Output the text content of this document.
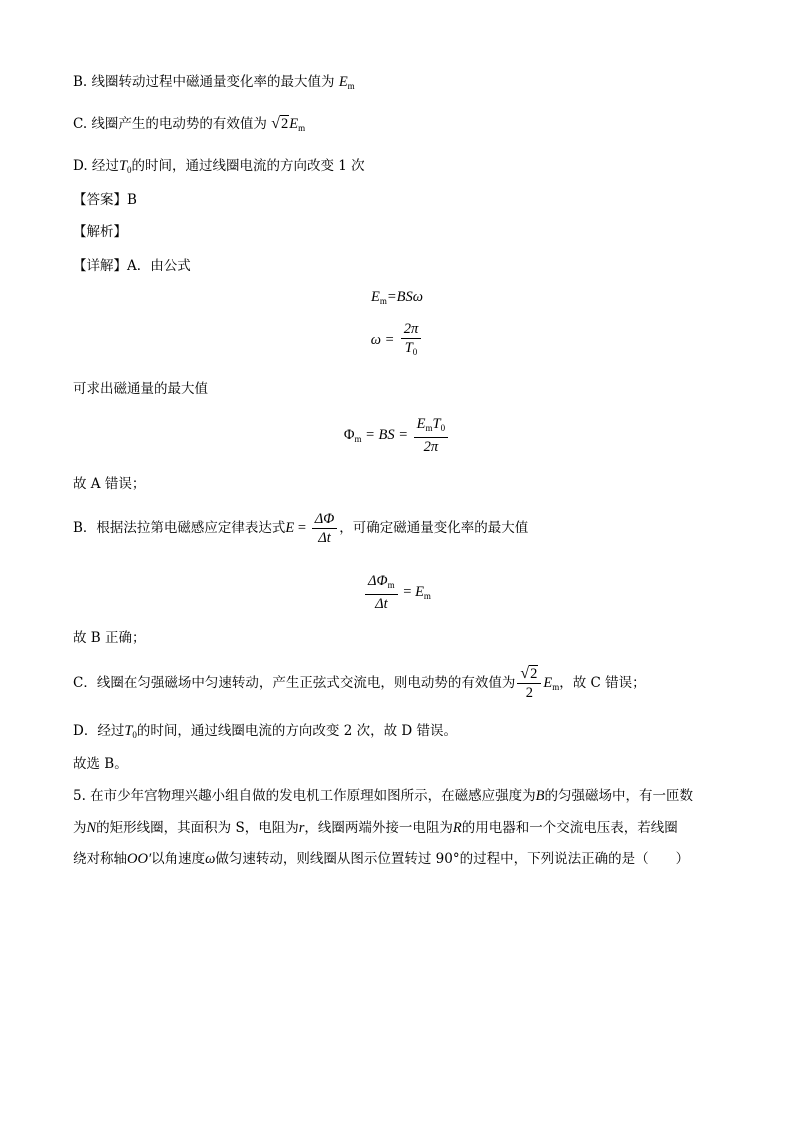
B. 线圈转动过程中磁通量变化率的最大值为 $E_m$
C. 线圈产生的电动势的有效值为 $√2E_m$
D. 经过$T_0$的时间，通过线圈电流的方向改变 1 次
【答案】B
【解析】
【详解】A．由公式
$E_m=BS\omega$
$\omega = \frac{2\pi}{T_0}$
可求出磁通量的最大值
$\Phi_m$ = BS = $\frac{E_mT_0}{2\pi}$
故 A 错误；
B．根据法拉第电磁感应定律表达式$E = \frac{\Delta\Phi}{\Delta t}$ ，可确定磁通量变化率的最大值
$\frac{\Delta\Phi_m}{\Delta t} = E_m$
故 B 正确；
C．线圈在匀强磁场中匀速转动，产生正弦式交流电，则电动势的有效值为 $\frac{√2}{2} E_m$，故 C 错误；
D．经过$T_0$的时间，通过线圈电流的方向改变 2 次，故 D 错误。
故选 B。
5. 在市少年宫物理兴趣小组自做的发电机工作原理如图所示，在磁感应强度为B的匀强磁场中，有一匝数
为N的矩形线圈，其面积为 S，电阻为r，线圈两端外接一电阻为R的用电器和一个交流电压表，若线圈
绕对称轴OO′以角速度ω做匀速转动，则线圈从图示位置转过 90°的过程中，下列说法正确的是（　　）
